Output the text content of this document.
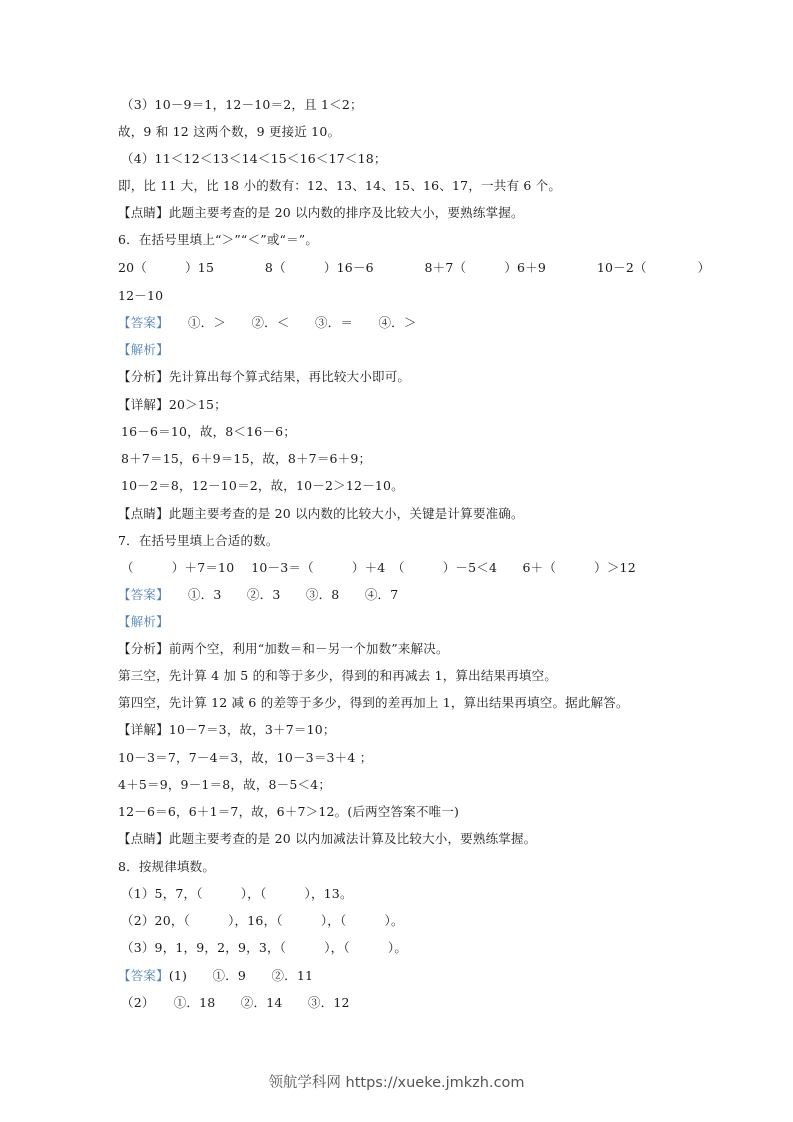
（3）10－9＝1，12－10＝2，且 1＜2；
故，9 和 12 这两个数，9 更接近 10。
（4）11＜12＜13＜14＜15＜16＜17＜18；
即，比 11 大，比 18 小的数有：12、13、14、15、16、17，一共有 6 个。
【点睛】此题主要考查的是 20 以内数的排序及比较大小，要熟练掌握。
6．在括号里填上“＞”“＜”或“＝”。
20（　　　）15　　　　8（　　　）16－6　　　　8＋7（　　　）6＋9　　　　10－2（　　　　）
12－10
【答案】　　①．＞　　②．＜　　③．＝　　④．＞
【解析】
【分析】先计算出每个算式结果，再比较大小即可。
【详解】20＞15；
16－6＝10，故，8＜16－6；
8＋7＝15，6＋9＝15，故，8＋7＝6＋9；
10－2＝8，12－10＝2，故，10－2＞12－10。
【点睛】此题主要考查的是 20 以内数的比较大小，关键是计算要准确。
7．在括号里填上合适的数。
（　　　）＋7＝10　 10－3＝（　　　）＋4　（　　　）－5＜4　　6＋（　　　）＞12
【答案】　　①．3　　②．3　　③．8　　④．7
【解析】
【分析】前两个空，利用“加数＝和－另一个加数”来解决。
第三空，先计算 4 加 5 的和等于多少，得到的和再减去 1，算出结果再填空。
第四空，先计算 12 减 6 的差等于多少，得到的差再加上 1，算出结果再填空。据此解答。
【详解】10－7＝3，故，3＋7＝10；
10－3＝7，7－4＝3，故，10－3＝3＋4 ；
4＋5＝9，9－1＝8，故，8－5＜4；
12－6＝6，6＋1＝7，故，6＋7＞12。(后两空答案不唯一)
【点睛】此题主要考查的是 20 以内加减法计算及比较大小，要熟练掌握。
8．按规律填数。
（1）5，7，（　　　），（　　　），13。
（2）20，（　　　），16，（　　　），（　　　）。
（3）9，1，9，2，9，3，（　　　），（　　　）。
【答案】(1)　　①．9　　②．11
（2）　　①．18　　②．14　　③．12
领航学科网 https://xueke.jmkzh.com
